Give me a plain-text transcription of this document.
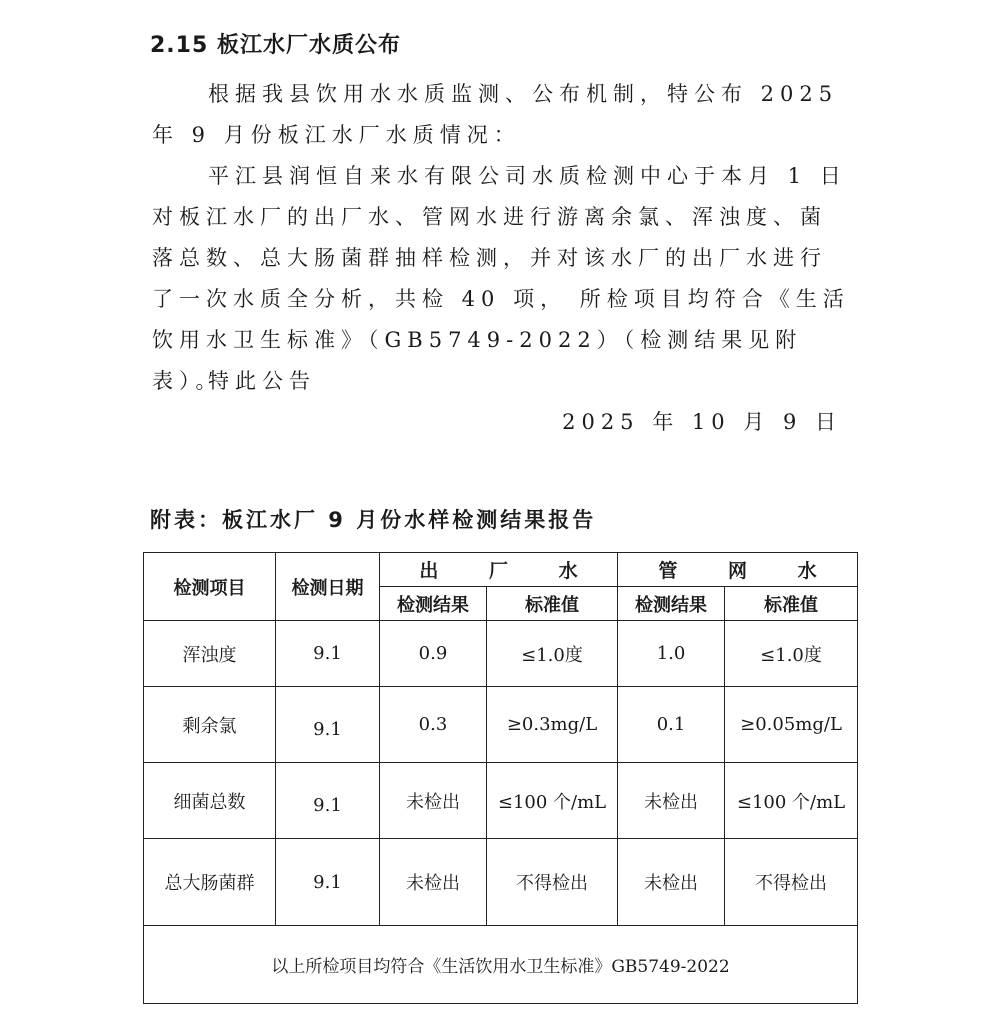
2.15 板江水厂水质公布

根据我县饮用水水质监测、公布机制，特公布 2025 年 9 月份板江水厂水质情况：

平江县润恒自来水有限公司水质检测中心于本月 1 日对板江水厂的出厂水、管网水进行游离余氯、浑浊度、菌落总数、总大肠菌群抽样检测，并对该水厂的出厂水进行了一次水质全分析，共检 40 项， 所检项目均符合《生活饮用水卫生标准》（GB5749-2022）（检测结果见附表）。

特此公告

2025 年 10 月 9 日
附表：板江水厂 9 月份水样检测结果报告
检测项目	检测日期	出 厂 水		管 网 水	
		检测结果	标准值	检测结果	标准值
浑浊度	9.1	0.9	≤1.0度	1.0	≤1.0度
剩余氯	9.1	0.3	≥0.3mg/L	0.1	≥0.05mg/L
细菌总数	9.1	未检出	≤100 个/mL	未检出	≤100 个/mL
总大肠菌群	9.1	未检出	不得检出	未检出	不得检出
以上所检项目均符合《生活饮用水卫生标准》GB5749-2022					
